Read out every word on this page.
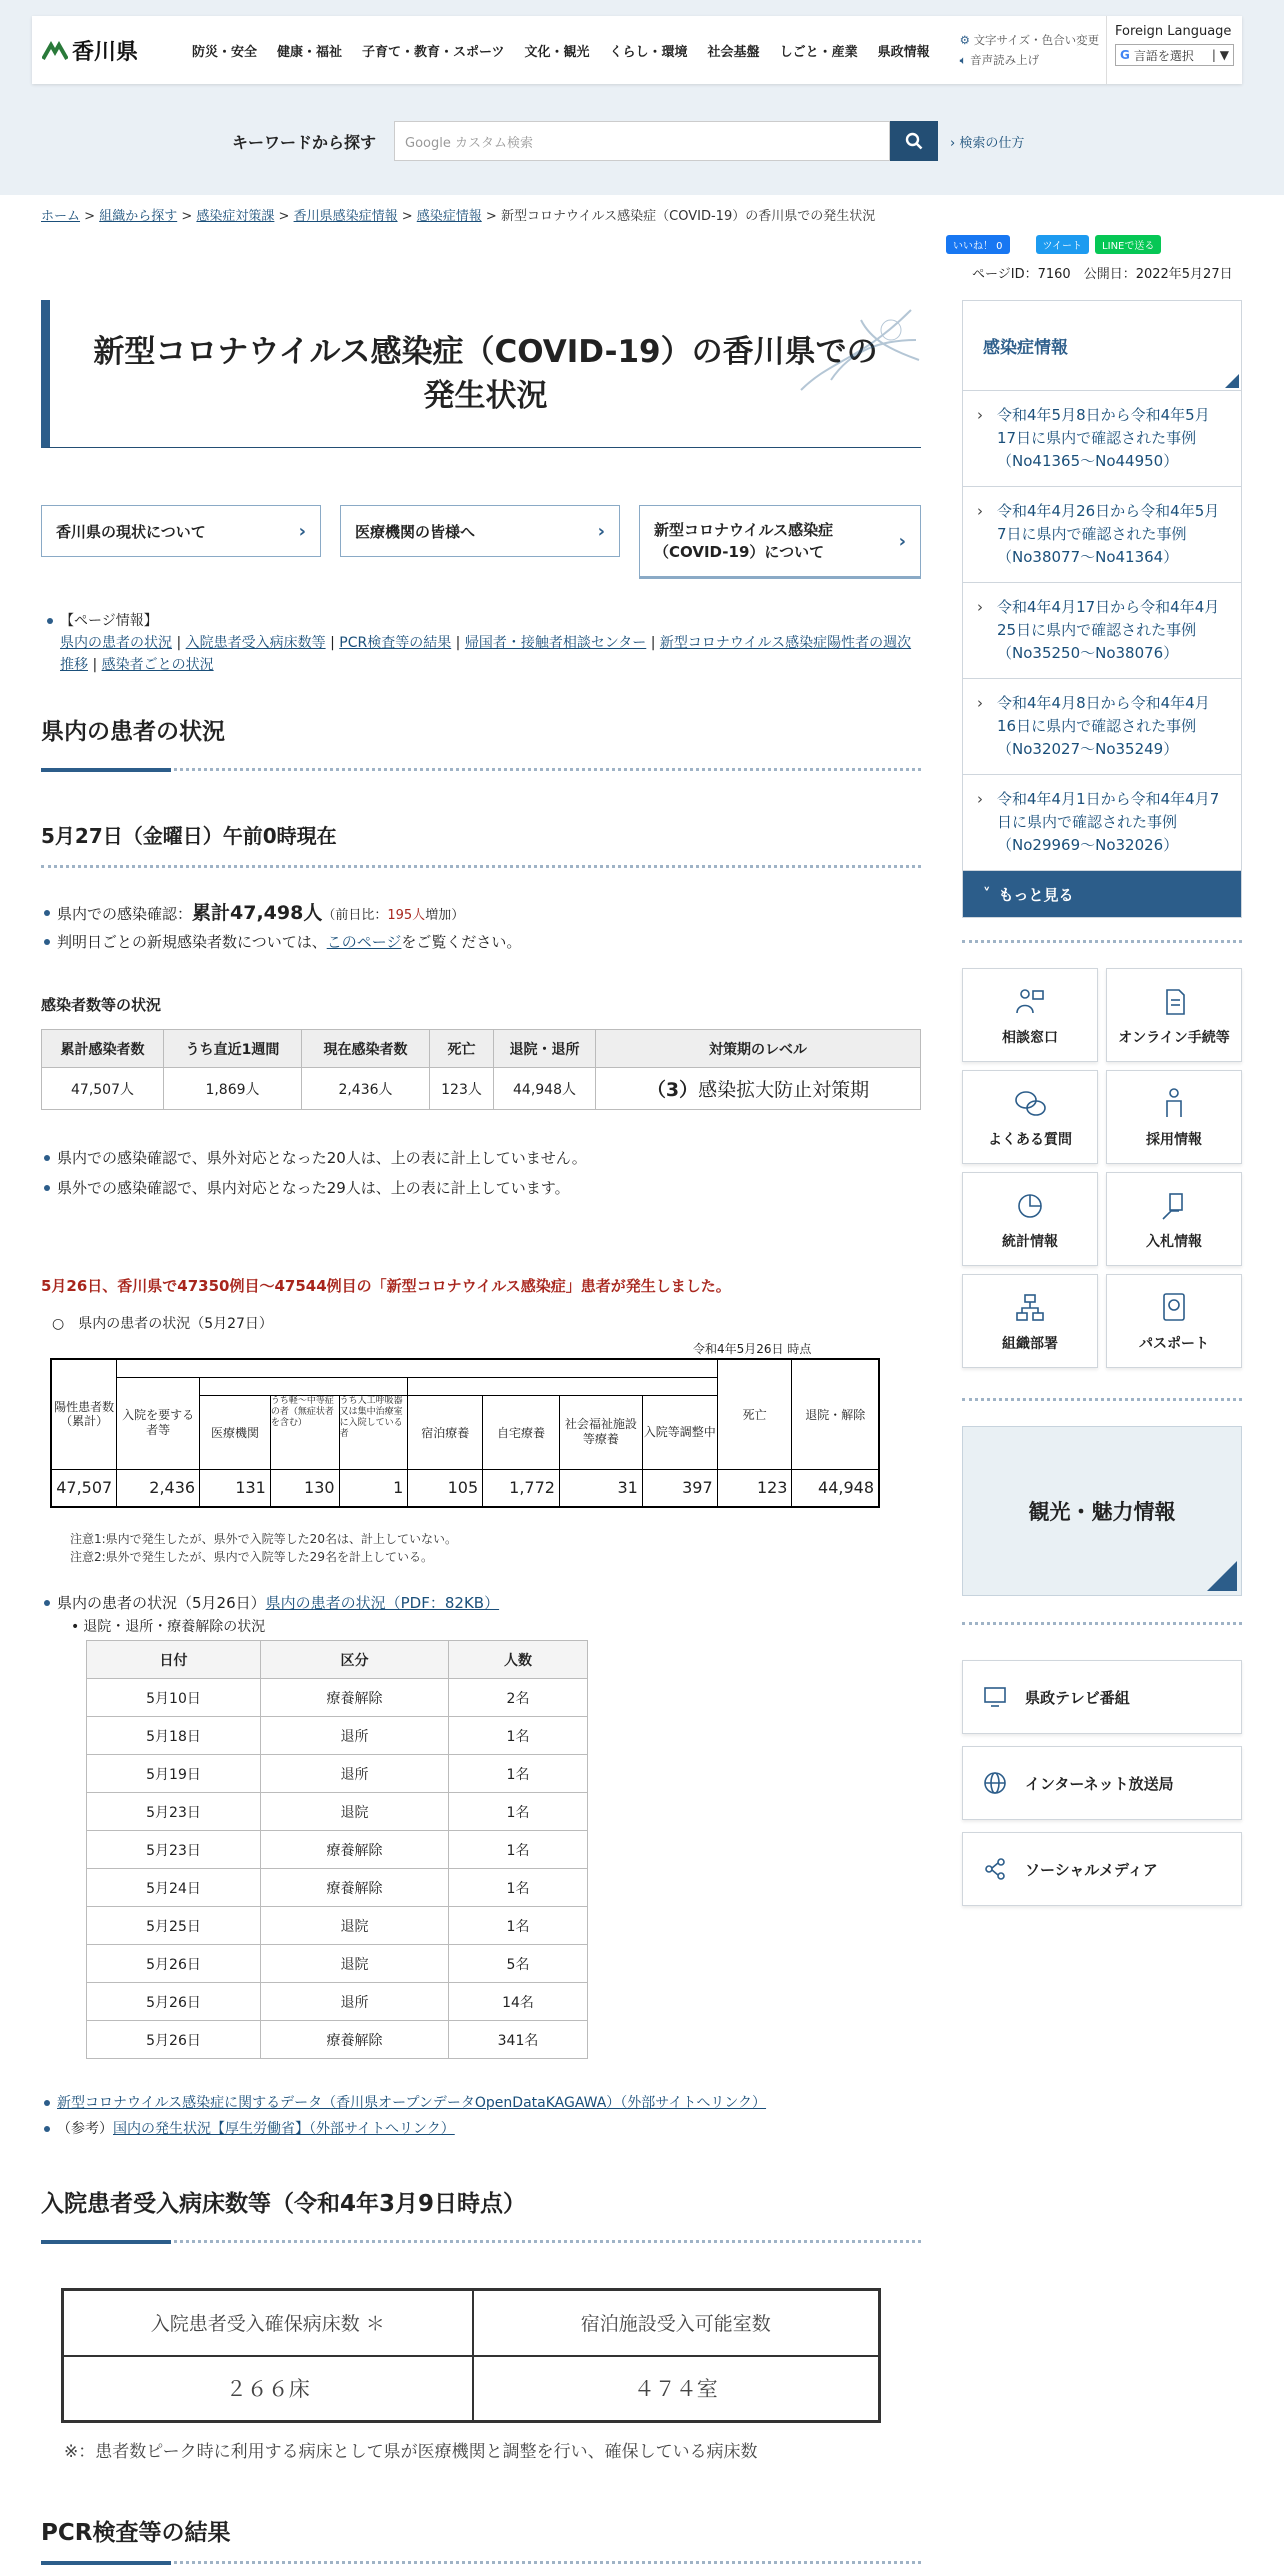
香川県	防災・安全	健康・福祉	子育て・教育・スポーツ	文化・観光	くらし・環境	社会基盤	しごと・産業	県政情報
⚙ 文字サイズ・色合い変更
🔈︎ 音声読み上げ
Foreign Language
G 言語を選択 | ▼
キーワードから探す	Google カスタム検索	› 検索の仕方
ホーム > 組織から探す > 感染症対策課 > 香川県感染症情報 > 感染症情報 > 新型コロナウイルス感染症（COVID-19）の香川県での発生状況
いいね！ 0	ツイート	LINEで送る
ページID：7160　 公開日：2022年5月27日
新型コロナウイルス感染症（COVID-19）の香川県での発生状況
香川県の現状について	›	医療機関の皆様へ	›	新型コロナウイルス感染症（COVID-19）について
›
【ページ情報】
県内の患者の状況 | 入院患者受入病床数等 | PCR検査等の結果 | 帰国者・接触者相談センター | 新型コロナウイルス感染症陽性者の週次推移 | 感染者ごとの状況
県内の患者の状況
5月27日（金曜日）午前0時現在
県内での感染確認：累計47,498人（前日比：195人増加）
判明日ごとの新規感染者数については、このページをご覧ください。
感染者数等の状況
累計感染者数	うち直近1週間	現在感染者数	死亡	退院・退所	対策期のレベル
47,507人	1,869人	2,436人	123人	44,948人	（3）感染拡大防止対策期
県内での感染確認で、県外対応となった20人は、上の表に計上していません。
県外での感染確認で、県内対応となった29人は、上の表に計上しています。
5月26日、香川県で47350例目～47544例目の「新型コロナウイルス感染症」患者が発生しました。
○　県内の患者の状況（5月27日）
令和4年5月26日 時点
陽性患者数（累計）									死亡	退院・解除
	入院を要する者等									
		医療機関	うち軽～中等症の者（無症状者を含む）	うち人工呼吸器又は集中治療室に入院している者	宿泊療養	自宅療養	社会福祉施設等療養	入院等調整中		
47,507	2,436	131	130	1	105	1,772	31	397	123	44,948
注意1:県内で発生したが、県外で入院等した20名は、計上していない。
注意2:県外で発生したが、県内で入院等した29名を計上している。
県内の患者の状況（5月26日）県内の患者の状況（PDF：82KB）
• 退院・退所・療養解除の状況
日付	区分	人数
5月10日	療養解除	2名
5月18日	退所	1名
5月19日	退所	1名
5月23日	退院	1名
5月23日	療養解除	1名
5月24日	療養解除	1名
5月25日	退院	1名
5月26日	退院	5名
5月26日	退所	14名
5月26日	療養解除	341名
新型コロナウイルス感染症に関するデータ（香川県オープンデータOpenDataKAGAWA）（外部サイトへリンク）
（参考）国内の発生状況【厚生労働省】（外部サイトへリンク）
入院患者受入病床数等（令和4年3月9日時点）
入院患者受入確保病床数 ＊	宿泊施設受入可能室数
２６６床	４７４室
※：患者数ピーク時に利用する病床として県が医療機関と調整を行い、確保している病床数
PCR検査等の結果
感染症情報
› 令和4年5月8日から令和4年5月17日に県内で確認された事例（No41365～No44950）
› 令和4年4月26日から令和4年5月7日に県内で確認された事例（No38077～No41364）
› 令和4年4月17日から令和4年4月25日に県内で確認された事例（No35250～No38076）
› 令和4年4月8日から令和4年4月16日に県内で確認された事例（No32027～No35249）
› 令和4年4月1日から令和4年4月7日に県内で確認された事例（No29969～No32026）
˅ もっと見る
相談窓口	オンライン手続等
よくある質問	採用情報
統計情報	入札情報
組織部署	パスポート
観光・魅力情報
県政テレビ番組
インターネット放送局
ソーシャルメディア
